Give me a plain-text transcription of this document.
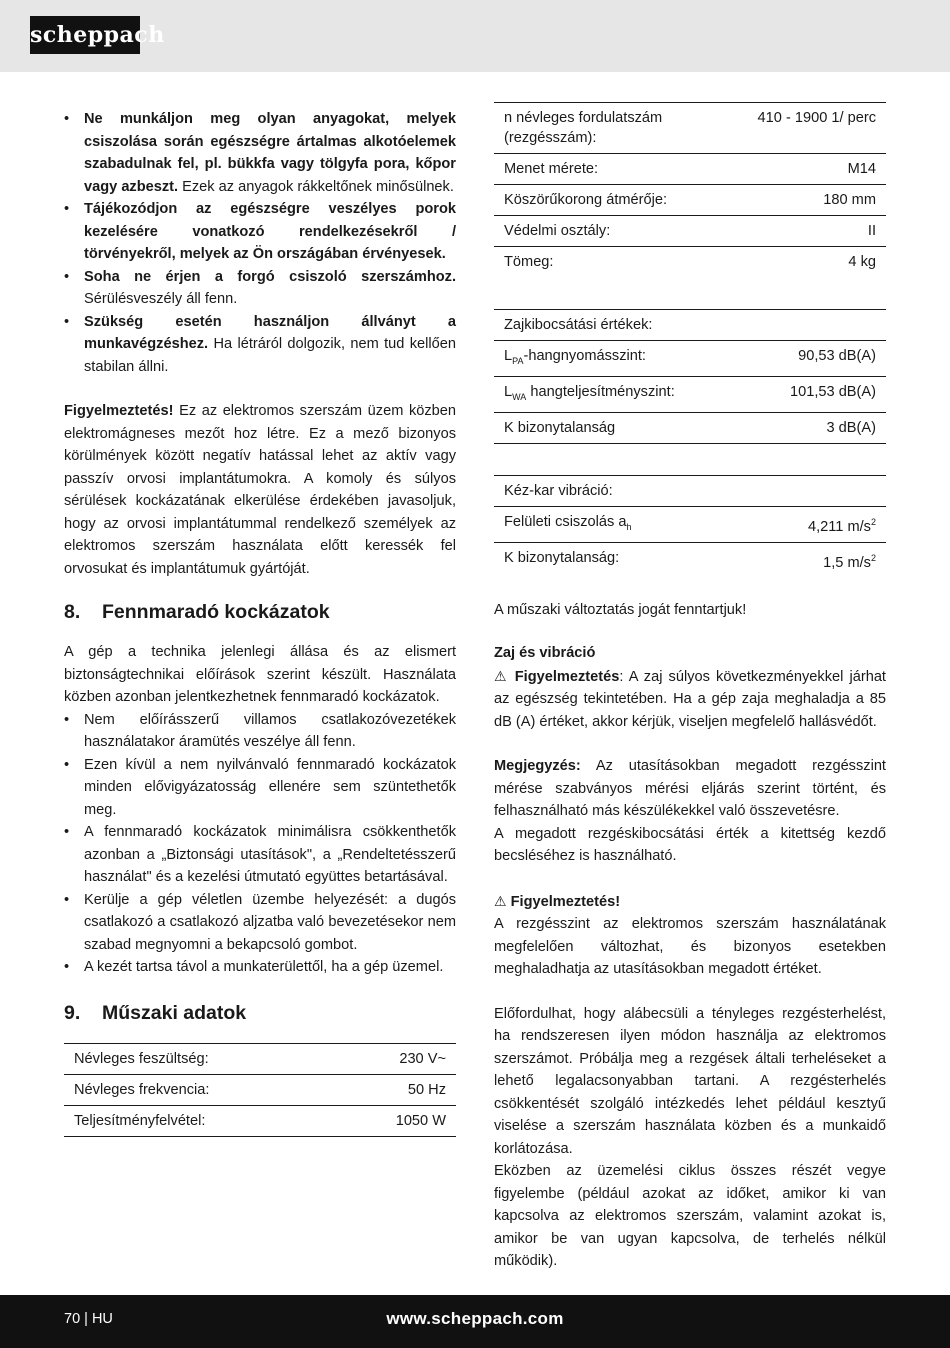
scheppach
• Ne munkáljon meg olyan anyagokat, melyek csiszolása során egészségre ártalmas alkotóelemek szabadulnak fel, pl. bükkfa vagy tölgyfa pora, kőpor vagy azbeszt. Ezek az anyagok rákkeltőnek minősülnek.
• Tájékozódjon az egészségre veszélyes porok kezelésére vonatkozó rendelkezésekről / törvényekről, melyek az Ön országában érvényesek.
• Soha ne érjen a forgó csiszoló szerszámhoz. Sérülésveszély áll fenn.
• Szükség esetén használjon állványt a munkavégzéshez. Ha létráról dolgozik, nem tud kellően stabilan állni.

Figyelmeztetés! Ez az elektromos szerszám üzem közben elektromágneses mezőt hoz létre. Ez a mező bizonyos körülmények között negatív hatással lehet az aktív vagy passzív orvosi implantátumokra. A komoly és súlyos sérülések kockázatának elkerülése érdekében javasoljuk, hogy az orvosi implantátummal rendelkező személyek az elektromos szerszám használata előtt keressék fel orvosukat és implantátumuk gyártóját.

8. Fennmaradó kockázatok

A gép a technika jelenlegi állása és az elismert biztonságtechnikai előírások szerint készült. Használata közben azonban jelentkezhetnek fennmaradó kockázatok.

• Nem előírásszerű villamos csatlakozóvezetékek használatakor áramütés veszélye áll fenn.
• Ezen kívül a nem nyilvánvaló fennmaradó kockázatok minden elővigyázatosság ellenére sem szüntethetők meg.
• A fennmaradó kockázatok minimálisra csökkenthetők azonban a „Biztonsági utasítások", a „Rendeltetésszerű használat" és a kezelési útmutató együttes betartásával.
• Kerülje a gép véletlen üzembe helyezését: a dugós csatlakozó a csatlakozó aljzatba való bevezetésekor nem szabad megnyomni a bekapcsoló gombot.
• A kezét tartsa távol a munkaterülettől, ha a gép üzemel.
9. Műszaki adatok
Névleges feszültség:	230 V~
Névleges frekvencia:	50 Hz
Teljesítményfelvétel:	1050 W
n névleges fordulatszám (rezgésszám):	410 - 1900 1/ perc
Menet mérete:	M14
Köszörűkorong átmérője:	180 mm
Védelmi osztály:	II
Tömeg:	4 kg
Zajkibocsátási értékek:	
$L_{PA}$-hangnyomásszint:	90,53 dB(A)
$L_{WA}$ hangteljesítményszint:	101,53 dB(A)
K bizonytalanság	3 dB(A)
Kéz-kar vibráció:	
Felületi csiszolás $a_h$	4,211 $m/s^2$
K bizonytalanság:	1,5 $m/s^2$

A műszaki változtatás jogát fenntartjuk!

Zaj és vibráció

⚠ Figyelmeztetés: A zaj súlyos következményekkel járhat az egészség tekintetében. Ha a gép zaja meghaladja a 85 dB (A) értéket, akkor kérjük, viseljen megfelelő hallásvédőt.

Megjegyzés: Az utasításokban megadott rezgésszint mérése szabványos mérési eljárás szerint történt, és felhasználható más készülékekkel való összevetésre.

A megadott rezgéskibocsátási érték a kitettség kezdő becsléséhez is használható.

⚠ Figyelmeztetés!

A rezgésszint az elektromos szerszám használatának megfelelően változhat, és bizonyos esetekben meghaladhatja az utasításokban megadott értéket.

Előfordulhat, hogy alábecsüli a tényleges rezgésterhelést, ha rendszeresen ilyen módon használja az elektromos szerszámot. Próbálja meg a rezgések általi terheléseket a lehető legalacsonyabban tartani. A rezgésterhelés csökkentését szolgáló intézkedés lehet például kesztyű viselése a szerszám használata közben és a munkaidő korlátozása.

Eközben az üzemelési ciklus összes részét vegye figyelembe (például azokat az időket, amikor ki van kapcsolva az elektromos szerszám, valamint azokat is, amikor be van ugyan kapcsolva, de terhelés nélkül működik).

70 | HU	www.scheppach.com
